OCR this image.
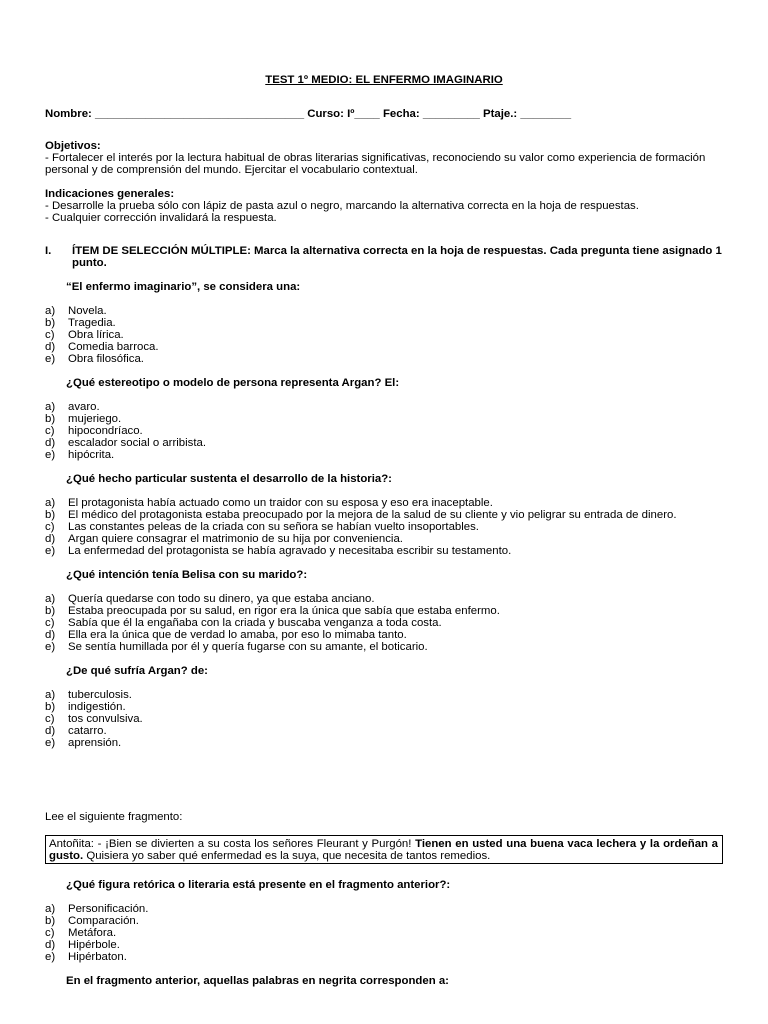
TEST 1º MEDIO: EL ENFERMO IMAGINARIO
Nombre: _________________________________ Curso: Iº____ Fecha: _________ Ptaje.: ________
Objetivos:
- Fortalecer el interés por la lectura habitual de obras literarias significativas, reconociendo su valor como experiencia de formación personal y de comprensión del mundo. Ejercitar el vocabulario contextual.
Indicaciones generales:
- Desarrolle la prueba sólo con lápiz de pasta azul o negro, marcando la alternativa correcta en la hoja de respuestas.
- Cualquier corrección invalidará la respuesta.
I.	ÍTEM DE SELECCIÓN MÚLTIPLE: Marca la alternativa correcta en la hoja de respuestas. Cada pregunta tiene asignado 1 punto.
“El enfermo imaginario”, se considera una:
a)	Novela.
b)	Tragedia.
c)	Obra lírica.
d)	Comedia barroca.
e)	Obra filosófica.
¿Qué estereotipo o modelo de persona representa Argan? El:
a)	avaro.
b)	mujeriego.
c)	hipocondríaco.
d)	escalador social o arribista.
e)	hipócrita.
¿Qué hecho particular sustenta el desarrollo de la historia?:
a)	El protagonista había actuado como un traidor con su esposa y eso era inaceptable.
b)	El médico del protagonista estaba preocupado por la mejora de la salud de su cliente y vio peligrar su entrada de dinero.
c)	Las constantes peleas de la criada con su señora se habían vuelto insoportables.
d)	Argan quiere consagrar el matrimonio de su hija por conveniencia.
e)	La enfermedad del protagonista se había agravado y necesitaba escribir su testamento.
¿Qué intención tenía Belisa con su marido?:
a)	Quería quedarse con todo su dinero, ya que estaba anciano.
b)	Estaba preocupada por su salud, en rigor era la única que sabía que estaba enfermo.
c)	Sabía que él la engañaba con la criada y buscaba venganza a toda costa.
d)	Ella era la única que de verdad lo amaba, por eso lo mimaba tanto.
e)	Se sentía humillada por él y quería fugarse con su amante, el boticario.
¿De qué sufría Argan? de:
a)	tuberculosis.
b)	indigestión.
c)	tos convulsiva.
d)	catarro.
e)	aprensión.
Lee el siguiente fragmento:
Antoñita: - ¡Bien se divierten a su costa los señores Fleurant y Purgón! Tienen en usted una buena vaca lechera y la ordeñan a gusto. Quisiera yo saber qué enfermedad es la suya, que necesita de tantos remedios.
¿Qué figura retórica o literaria está presente en el fragmento anterior?:
a)	Personificación.
b)	Comparación.
c)	Metáfora.
d)	Hipérbole.
e)	Hipérbaton.
En el fragmento anterior, aquellas palabras en negrita corresponden a:
